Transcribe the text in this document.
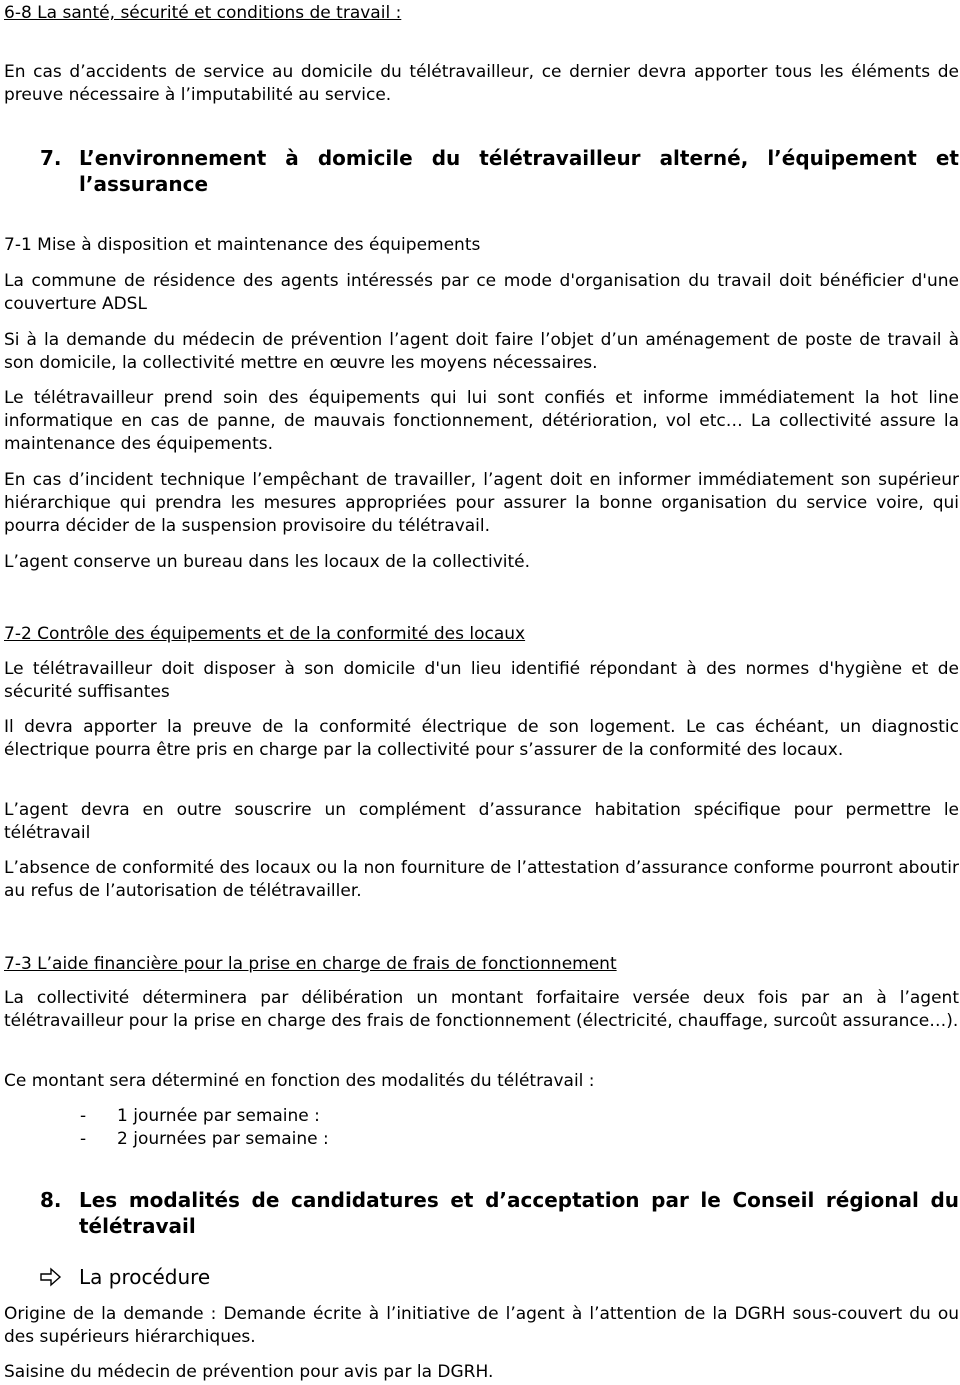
6-8 La santé, sécurité et conditions de travail :
En cas d’accidents de service au domicile du télétravailleur, ce dernier devra apporter tous les éléments de preuve nécessaire à l’imputabilité au service.
7. L’environnement à domicile du télétravailleur alterné, l’équipement et l’assurance
7-1 Mise à disposition et maintenance des équipements
La commune de résidence des agents intéressés par ce mode d'organisation du travail doit bénéficier d'une couverture ADSL
Si à la demande du médecin de prévention l’agent doit faire l’objet d’un aménagement de poste de travail à son domicile, la collectivité mettre en œuvre les moyens nécessaires.
Le télétravailleur prend soin des équipements qui lui sont confiés et informe immédiatement la hot line informatique en cas de panne, de mauvais fonctionnement, détérioration, vol etc… La collectivité assure la maintenance des équipements.
En cas d’incident technique l’empêchant de travailler, l’agent doit en informer immédiatement son supérieur hiérarchique qui prendra les mesures appropriées pour assurer la bonne organisation du service voire, qui pourra décider de la suspension provisoire du télétravail.
L’agent conserve un bureau dans les locaux de la collectivité.
7-2 Contrôle des équipements et de la conformité des locaux
Le télétravailleur doit disposer à son domicile d'un lieu identifié répondant à des normes d'hygiène et de sécurité suffisantes
Il devra apporter la preuve de la conformité électrique de son logement. Le cas échéant, un diagnostic électrique pourra être pris en charge par la collectivité pour s’assurer de la conformité des locaux.
L’agent devra en outre souscrire un complément d’assurance habitation spécifique pour permettre le télétravail
L’absence de conformité des locaux ou la non fourniture de l’attestation d’assurance conforme pourront aboutir au refus de l’autorisation de télétravailler.
7-3 L’aide financière pour la prise en charge de frais de fonctionnement
La collectivité déterminera par délibération un montant forfaitaire versée deux fois par an à l’agent télétravailleur pour la prise en charge des frais de fonctionnement (électricité, chauffage, surcoût assurance…).
Ce montant sera déterminé en fonction des modalités du télétravail :
- 1 journée par semaine :
- 2 journées par semaine :
8. Les modalités de candidatures et d’acceptation par le Conseil régional du télétravail
La procédure
Origine de la demande : Demande écrite à l’initiative de l’agent à l’attention de la DGRH sous-couvert du ou des supérieurs hiérarchiques.
Saisine du médecin de prévention pour avis par la DGRH.
